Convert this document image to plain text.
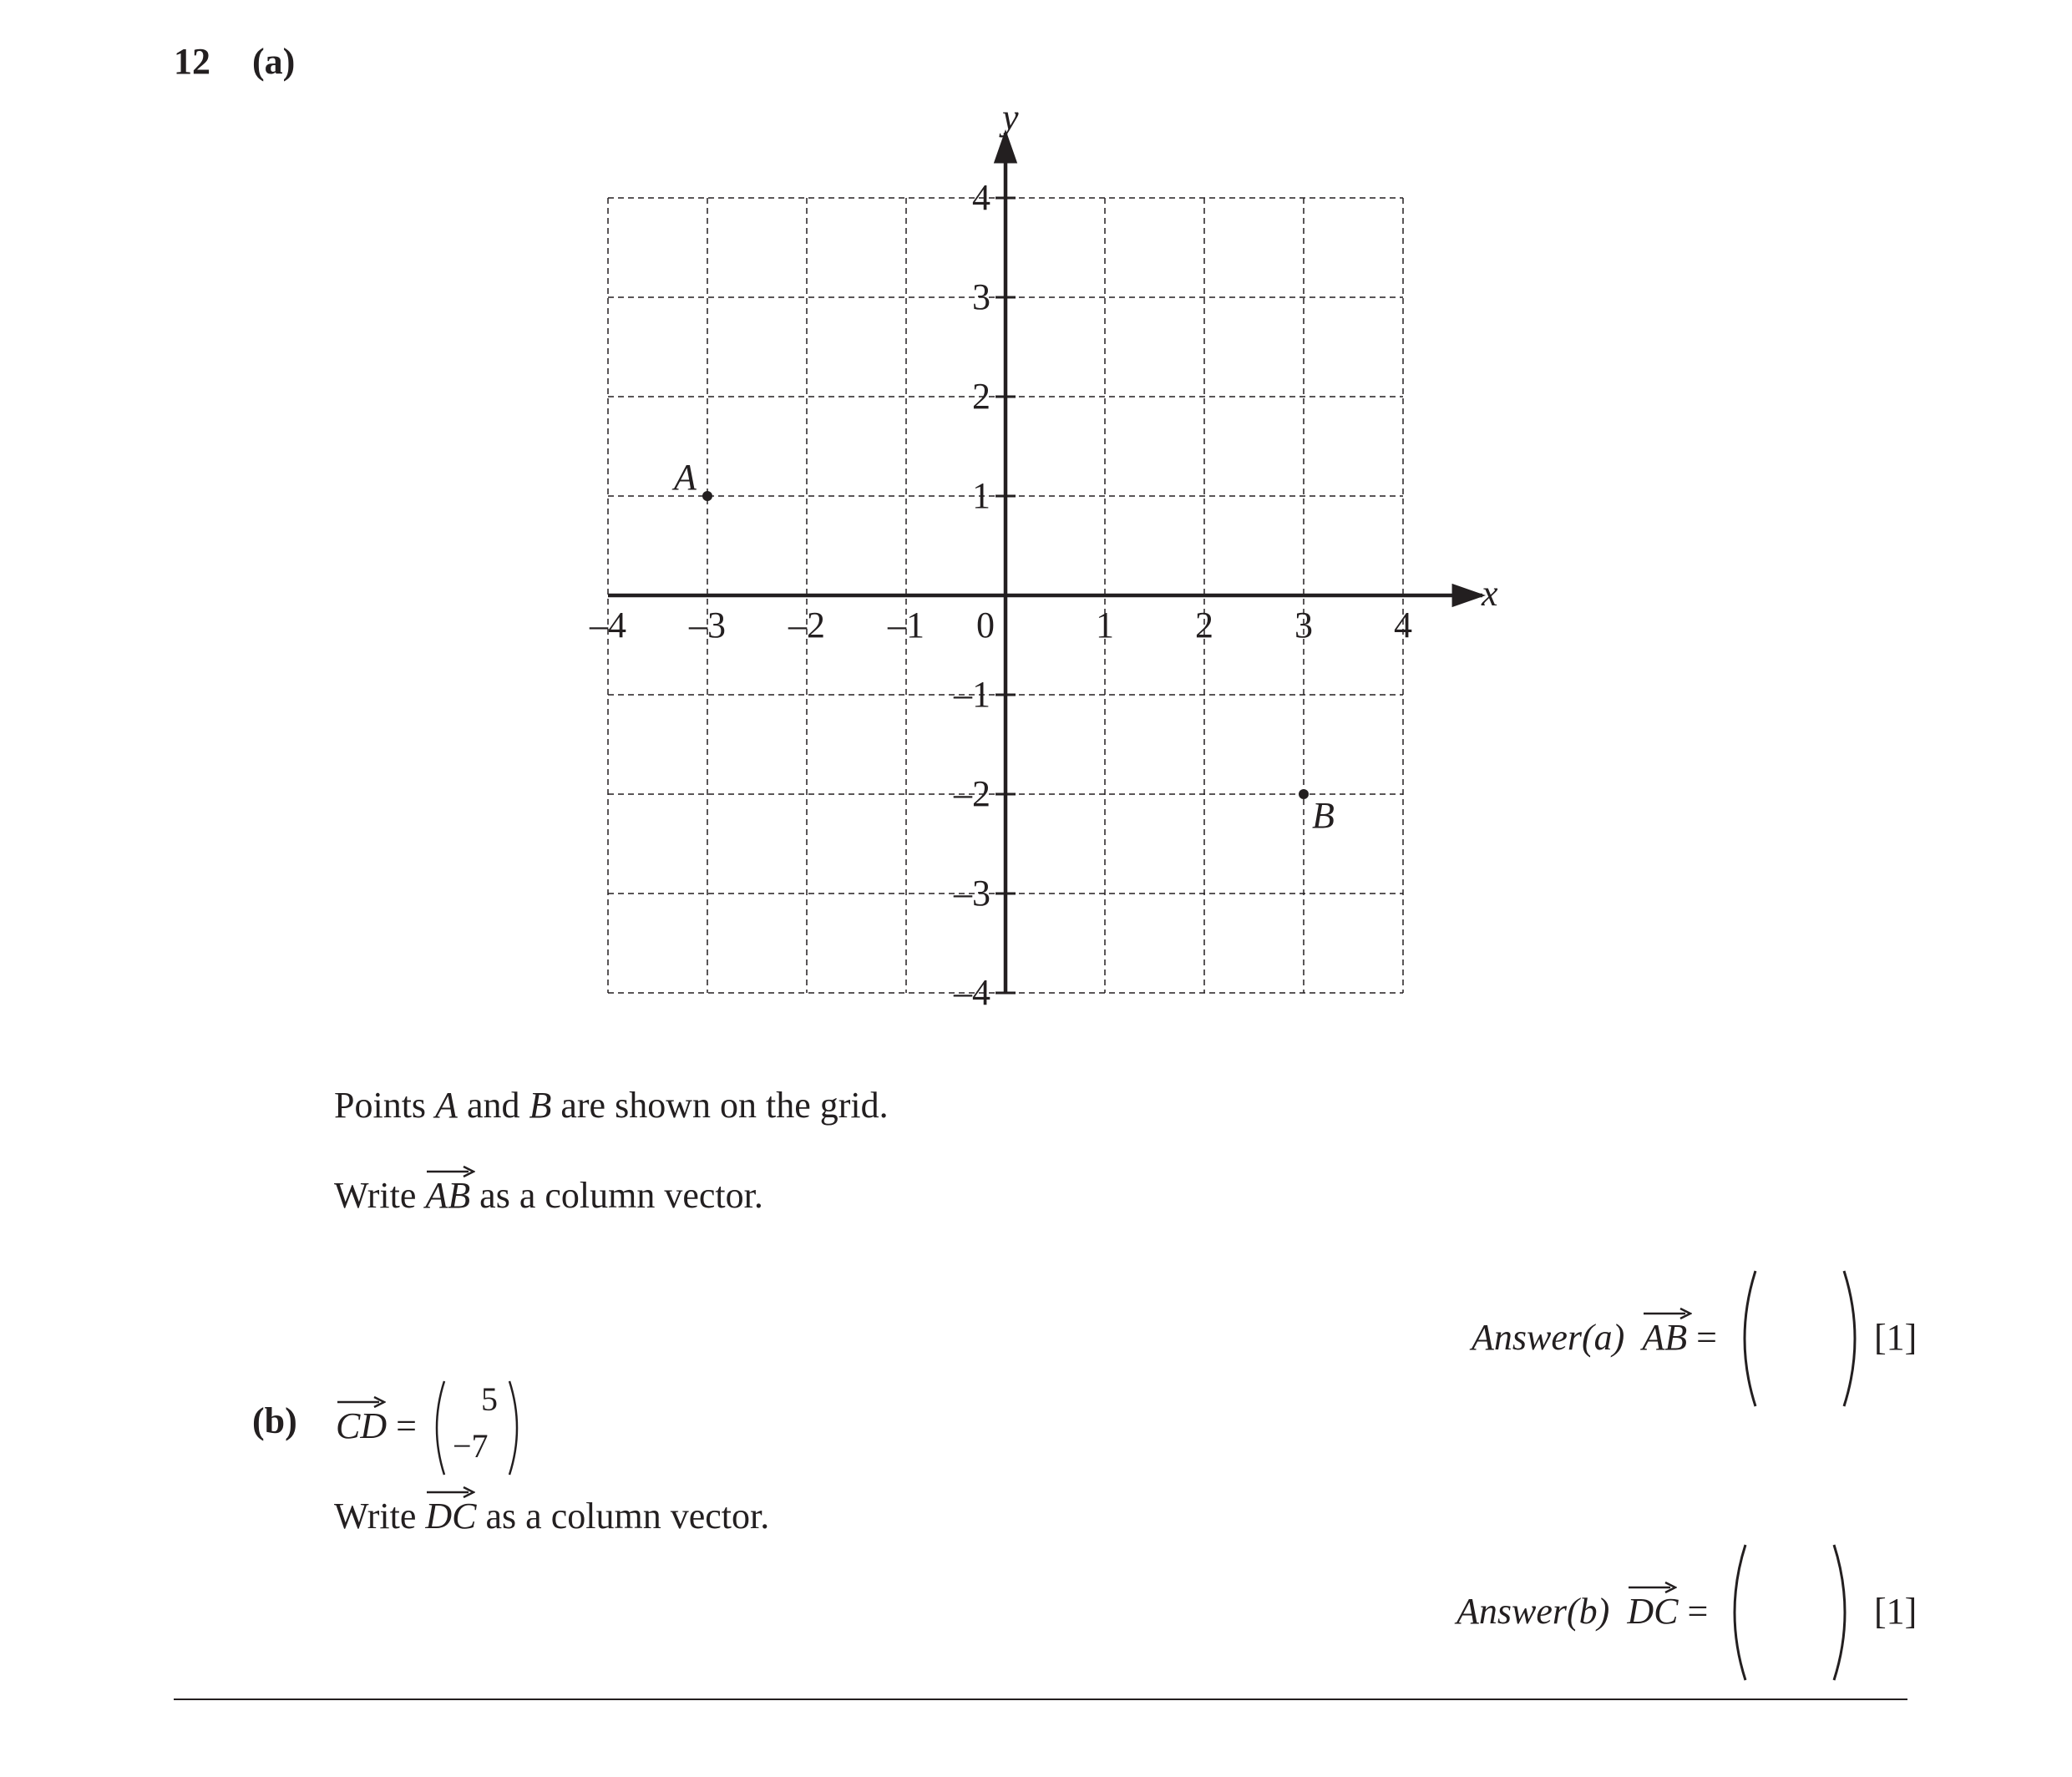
12 (a)
–4 –3 –2 –1 0	1 2 3 4
4
3
2
1
–1
–2
–3
–4
A
B
x
y
Points A and B are shown on the grid.
Write
AB as a column vector.
Answer(a) AB =	[1]
(b) CD =
5
−7
Write
DC as a column vector.
Answer(b) DC =	[1]
